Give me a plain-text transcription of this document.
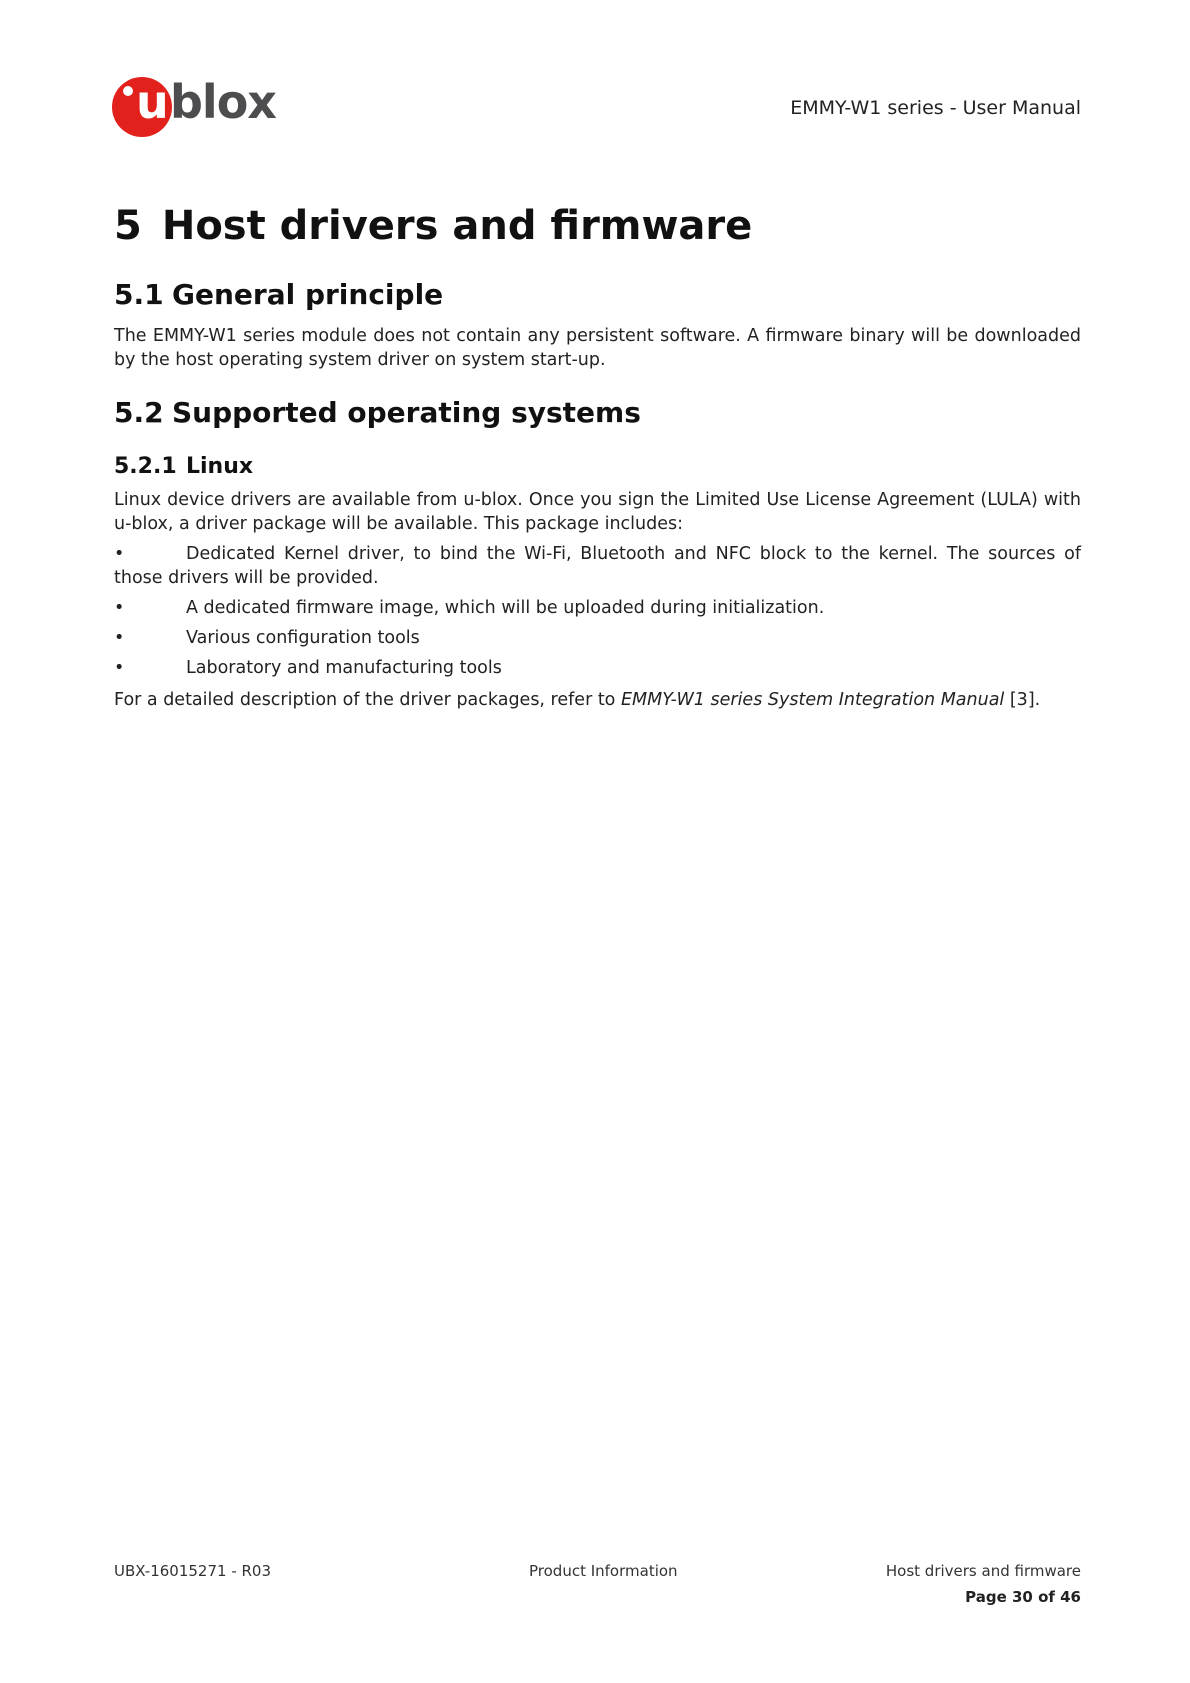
u blox	EMMY-W1 series - User Manual
5 Host drivers and firmware
5.1 General principle
The EMMY-W1 series module does not contain any persistent software. A firmware binary will be downloaded by the host operating system driver on system start-up.
5.2 Supported operating systems
5.2.1 Linux
Linux device drivers are available from u-blox. Once you sign the Limited Use License Agreement (LULA) with u-blox, a driver package will be available. This package includes:
•	Dedicated Kernel driver, to bind the Wi-Fi, Bluetooth and NFC block to the kernel. The sources of those drivers will be provided.
•	A dedicated firmware image, which will be uploaded during initialization.
•	Various configuration tools
•	Laboratory and manufacturing tools
For a detailed description of the driver packages, refer to EMMY-W1 series System Integration Manual [3].
UBX-16015271 - R03	Product Information	Host drivers and firmware
Page 30 of 46
